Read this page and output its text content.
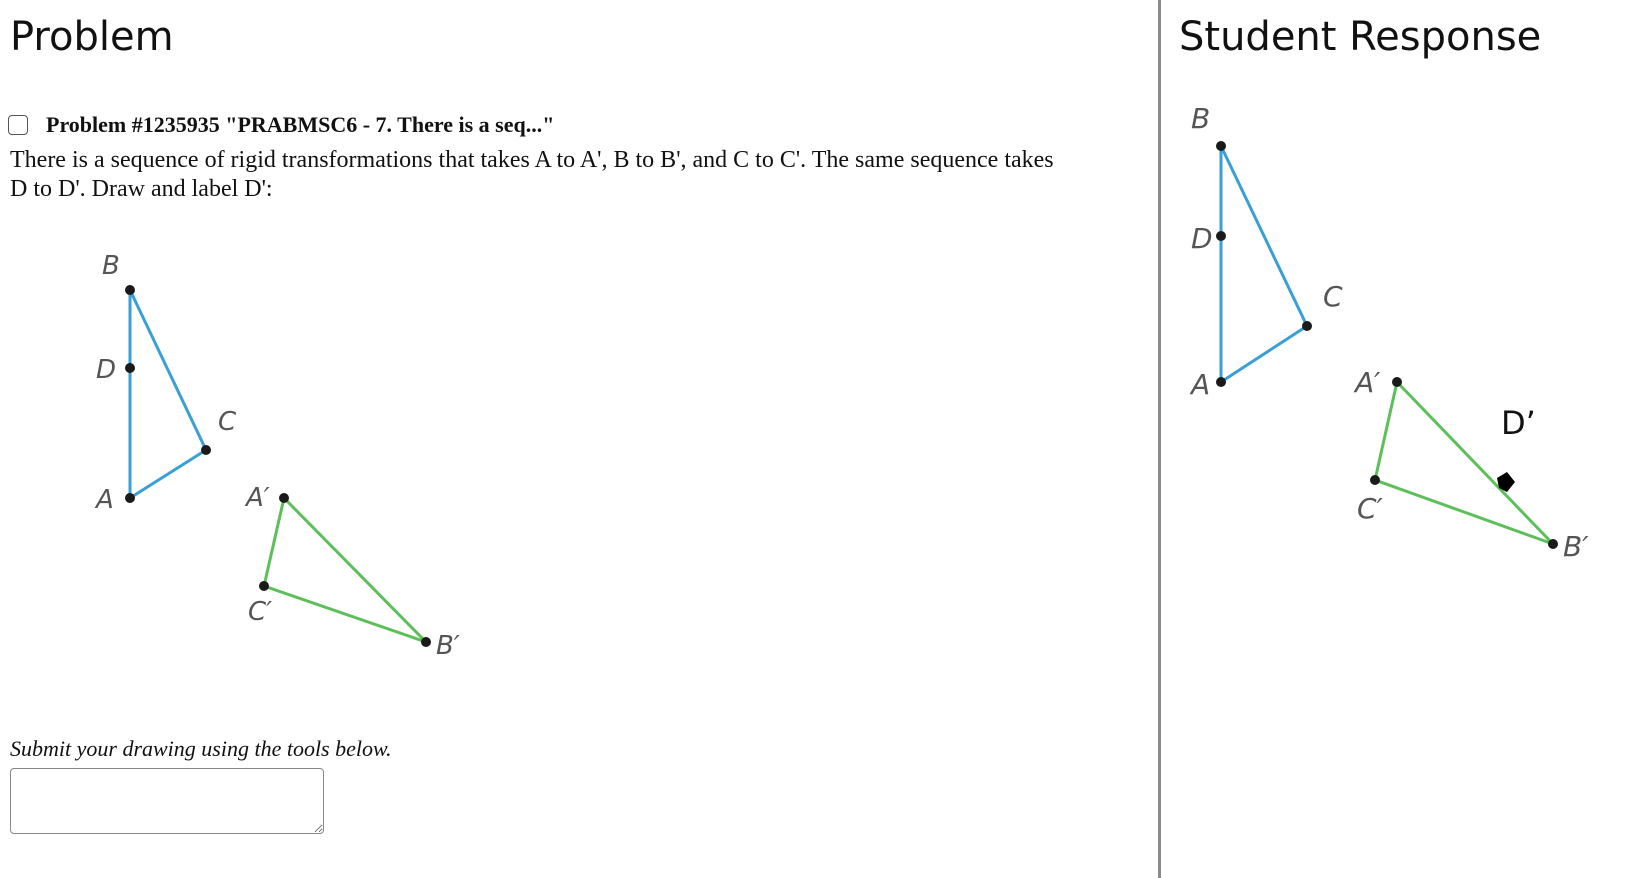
Problem
Problem #1235935 "PRABMSC6 - 7. There is a seq..."

There is a sequence of rigid transformations that takes A to A', B to B', and C to C'. The same sequence takes D to D'. Draw and label D':

B
D
C
A	A′
C′
B′

Submit your drawing using the tools below.

Student Response
B
D
C
A	A′
C′
B′
D’
